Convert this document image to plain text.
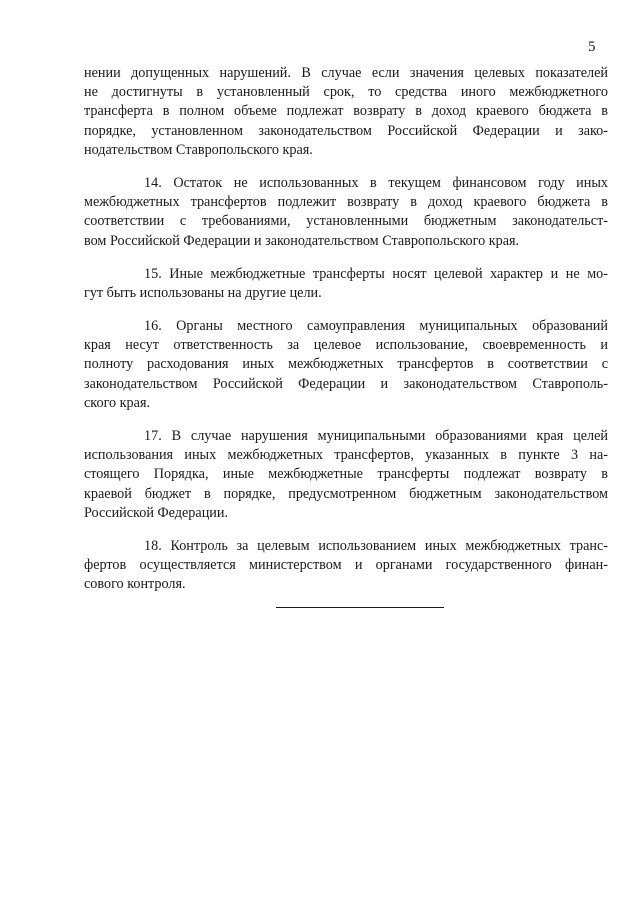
5
нении допущенных нарушений. В случае если значения целевых показателей
не достигнуты в установленный срок, то средства иного межбюджетного
трансферта в полном объеме подлежат возврату в доход краевого бюджета в
порядке, установленном законодательством Российской Федерации и зако-
нодательством Ставропольского края.
14. Остаток не использованных в текущем финансовом году иных
межбюджетных трансфертов подлежит возврату в доход краевого бюджета в
соответствии с требованиями, установленными бюджетным законодательст-
вом Российской Федерации и законодательством Ставропольского края.
15. Иные межбюджетные трансферты носят целевой характер и не мо-
гут быть использованы на другие цели.
16. Органы местного самоуправления муниципальных образований
края несут ответственность за целевое использование, своевременность и
полноту расходования иных межбюджетных трансфертов в соответствии с
законодательством Российской Федерации и законодательством Ставрополь-
ского края.
17. В случае нарушения муниципальными образованиями края целей
использования иных межбюджетных трансфертов, указанных в пункте 3 на-
стоящего Порядка, иные межбюджетные трансферты подлежат возврату в
краевой бюджет в порядке, предусмотренном бюджетным законодательством
Российской Федерации.
18. Контроль за целевым использованием иных межбюджетных транс-
фертов осуществляется министерством и органами государственного финан-
сового контроля.
